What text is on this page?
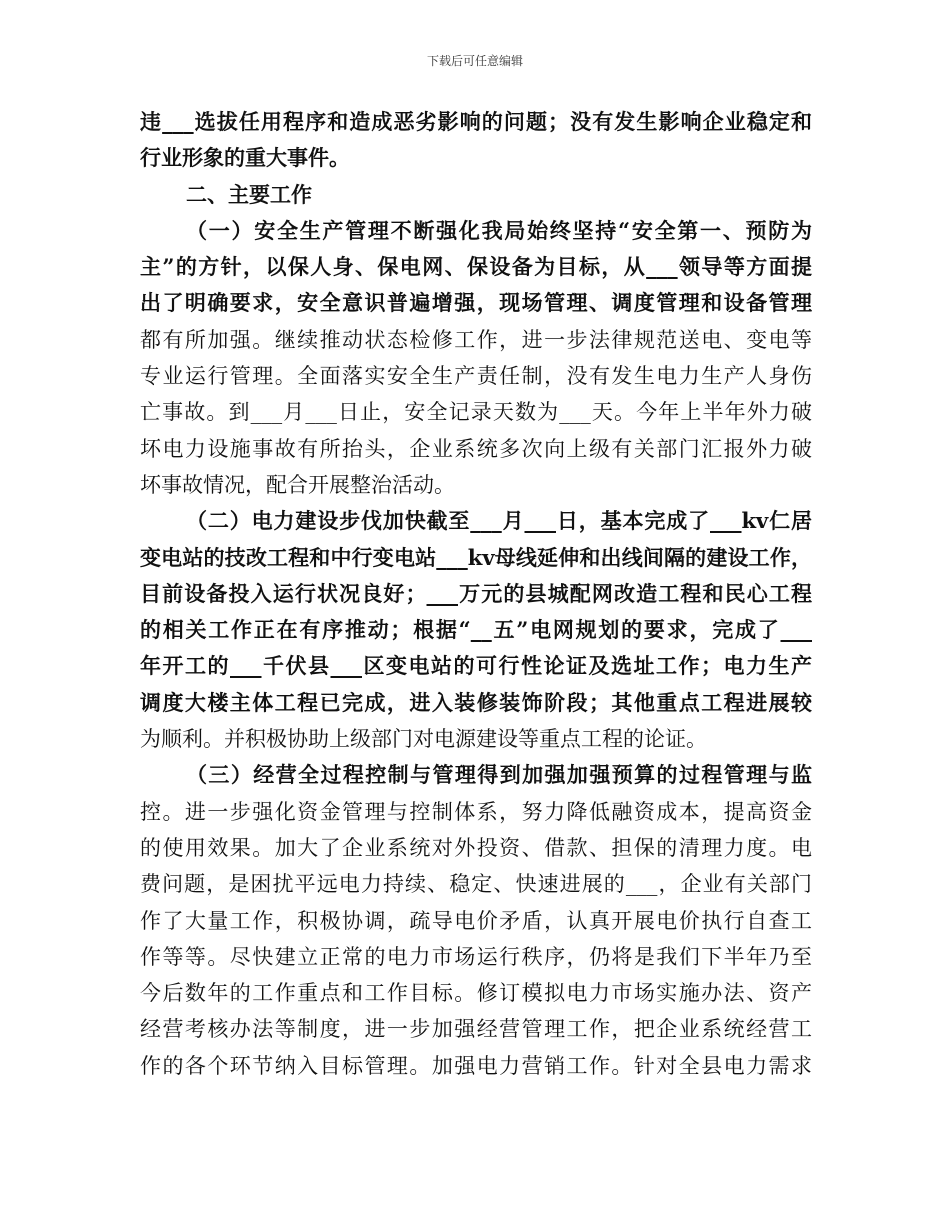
下载后可任意编辑
违___选拔任用程序和造成恶劣影响的问题；没有发生影响企业稳定和
行业形象的重大事件。
二、主要工作
（一）安全生产管理不断强化我局始终坚持“安全第一、预防为
主”的方针，以保人身、保电网、保设备为目标，从___领导等方面提
出了明确要求，安全意识普遍增强，现场管理、调度管理和设备管理
都有所加强。继续推动状态检修工作，进一步法律规范送电、变电等
专业运行管理。全面落实安全生产责任制，没有发生电力生产人身伤
亡事故。到___月___日止，安全记录天数为___天。今年上半年外力破
坏电力设施事故有所抬头，企业系统多次向上级有关部门汇报外力破
坏事故情况，配合开展整治活动。
（二）电力建设步伐加快截至___月___日，基本完成了___kv仁居
变电站的技改工程和中行变电站___kv母线延伸和出线间隔的建设工作，
目前设备投入运行状况良好；___万元的县城配网改造工程和民心工程
的相关工作正在有序推动；根据“__五”电网规划的要求，完成了___
年开工的___千伏县___区变电站的可行性论证及选址工作；电力生产
调度大楼主体工程已完成，进入装修装饰阶段；其他重点工程进展较
为顺利。并积极协助上级部门对电源建设等重点工程的论证。
（三）经营全过程控制与管理得到加强加强预算的过程管理与监
控。进一步强化资金管理与控制体系，努力降低融资成本，提高资金
的使用效果。加大了企业系统对外投资、借款、担保的清理力度。电
费问题，是困扰平远电力持续、稳定、快速进展的___，企业有关部门
作了大量工作，积极协调，疏导电价矛盾，认真开展电价执行自查工
作等等。尽快建立正常的电力市场运行秩序，仍将是我们下半年乃至
今后数年的工作重点和工作目标。修订模拟电力市场实施办法、资产
经营考核办法等制度，进一步加强经营管理工作，把企业系统经营工
作的各个环节纳入目标管理。加强电力营销工作。针对全县电力需求
